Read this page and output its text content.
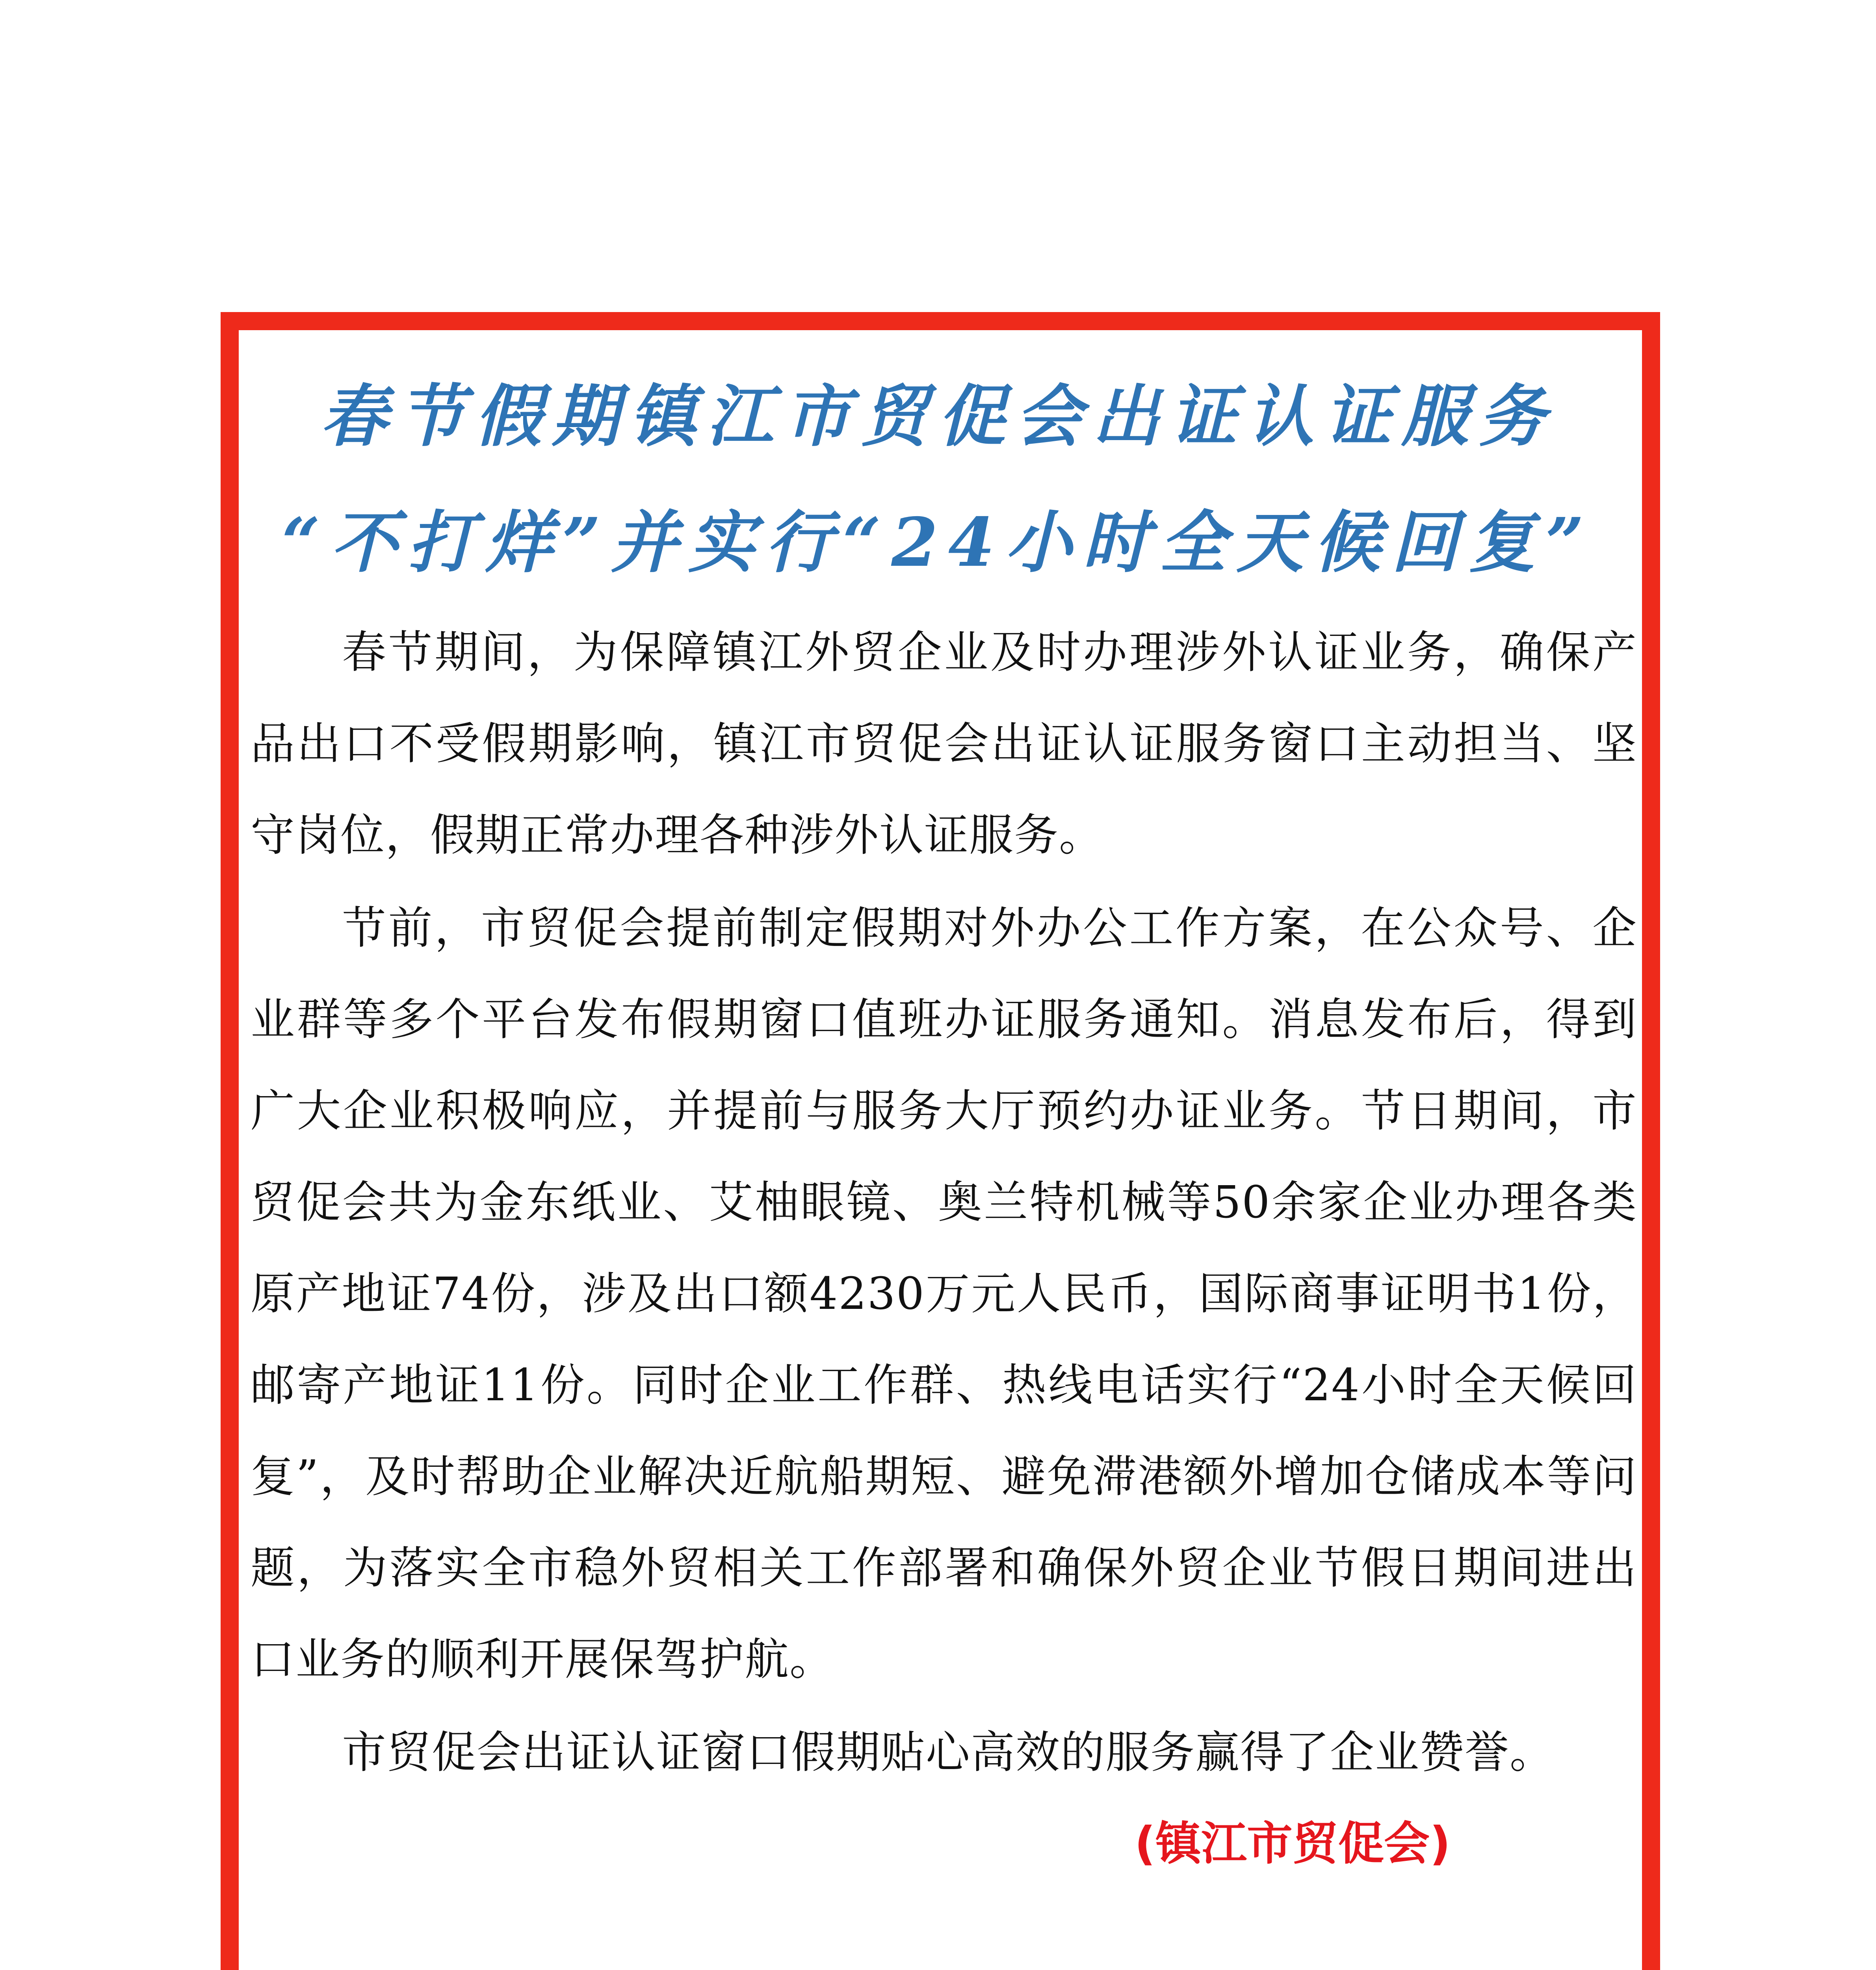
春节假期镇江市贸促会出证认证服务
“不打烊”并实行“24小时全天候回复”

春节期间，为保障镇江外贸企业及时办理涉外认证业务，确保产品出口不受假期影响，镇江市贸促会出证认证服务窗口主动担当、坚守岗位，假期正常办理各种涉外认证服务。

节前，市贸促会提前制定假期对外办公工作方案，在公众号、企业群等多个平台发布假期窗口值班办证服务通知。消息发布后，得到广大企业积极响应，并提前与服务大厅预约办证业务。节日期间，市贸促会共为金东纸业、艾柚眼镜、奥兰特机械等50余家企业办理各类原产地证74份，涉及出口额4230万元人民币，国际商事证明书1份，邮寄产地证11份。同时企业工作群、热线电话实行“24小时全天候回复”，及时帮助企业解决近航船期短、避免滞港额外增加仓储成本等问题，为落实全市稳外贸相关工作部署和确保外贸企业节假日期间进出口业务的顺利开展保驾护航。

市贸促会出证认证窗口假期贴心高效的服务赢得了企业赞誉。

(镇江市贸促会)
